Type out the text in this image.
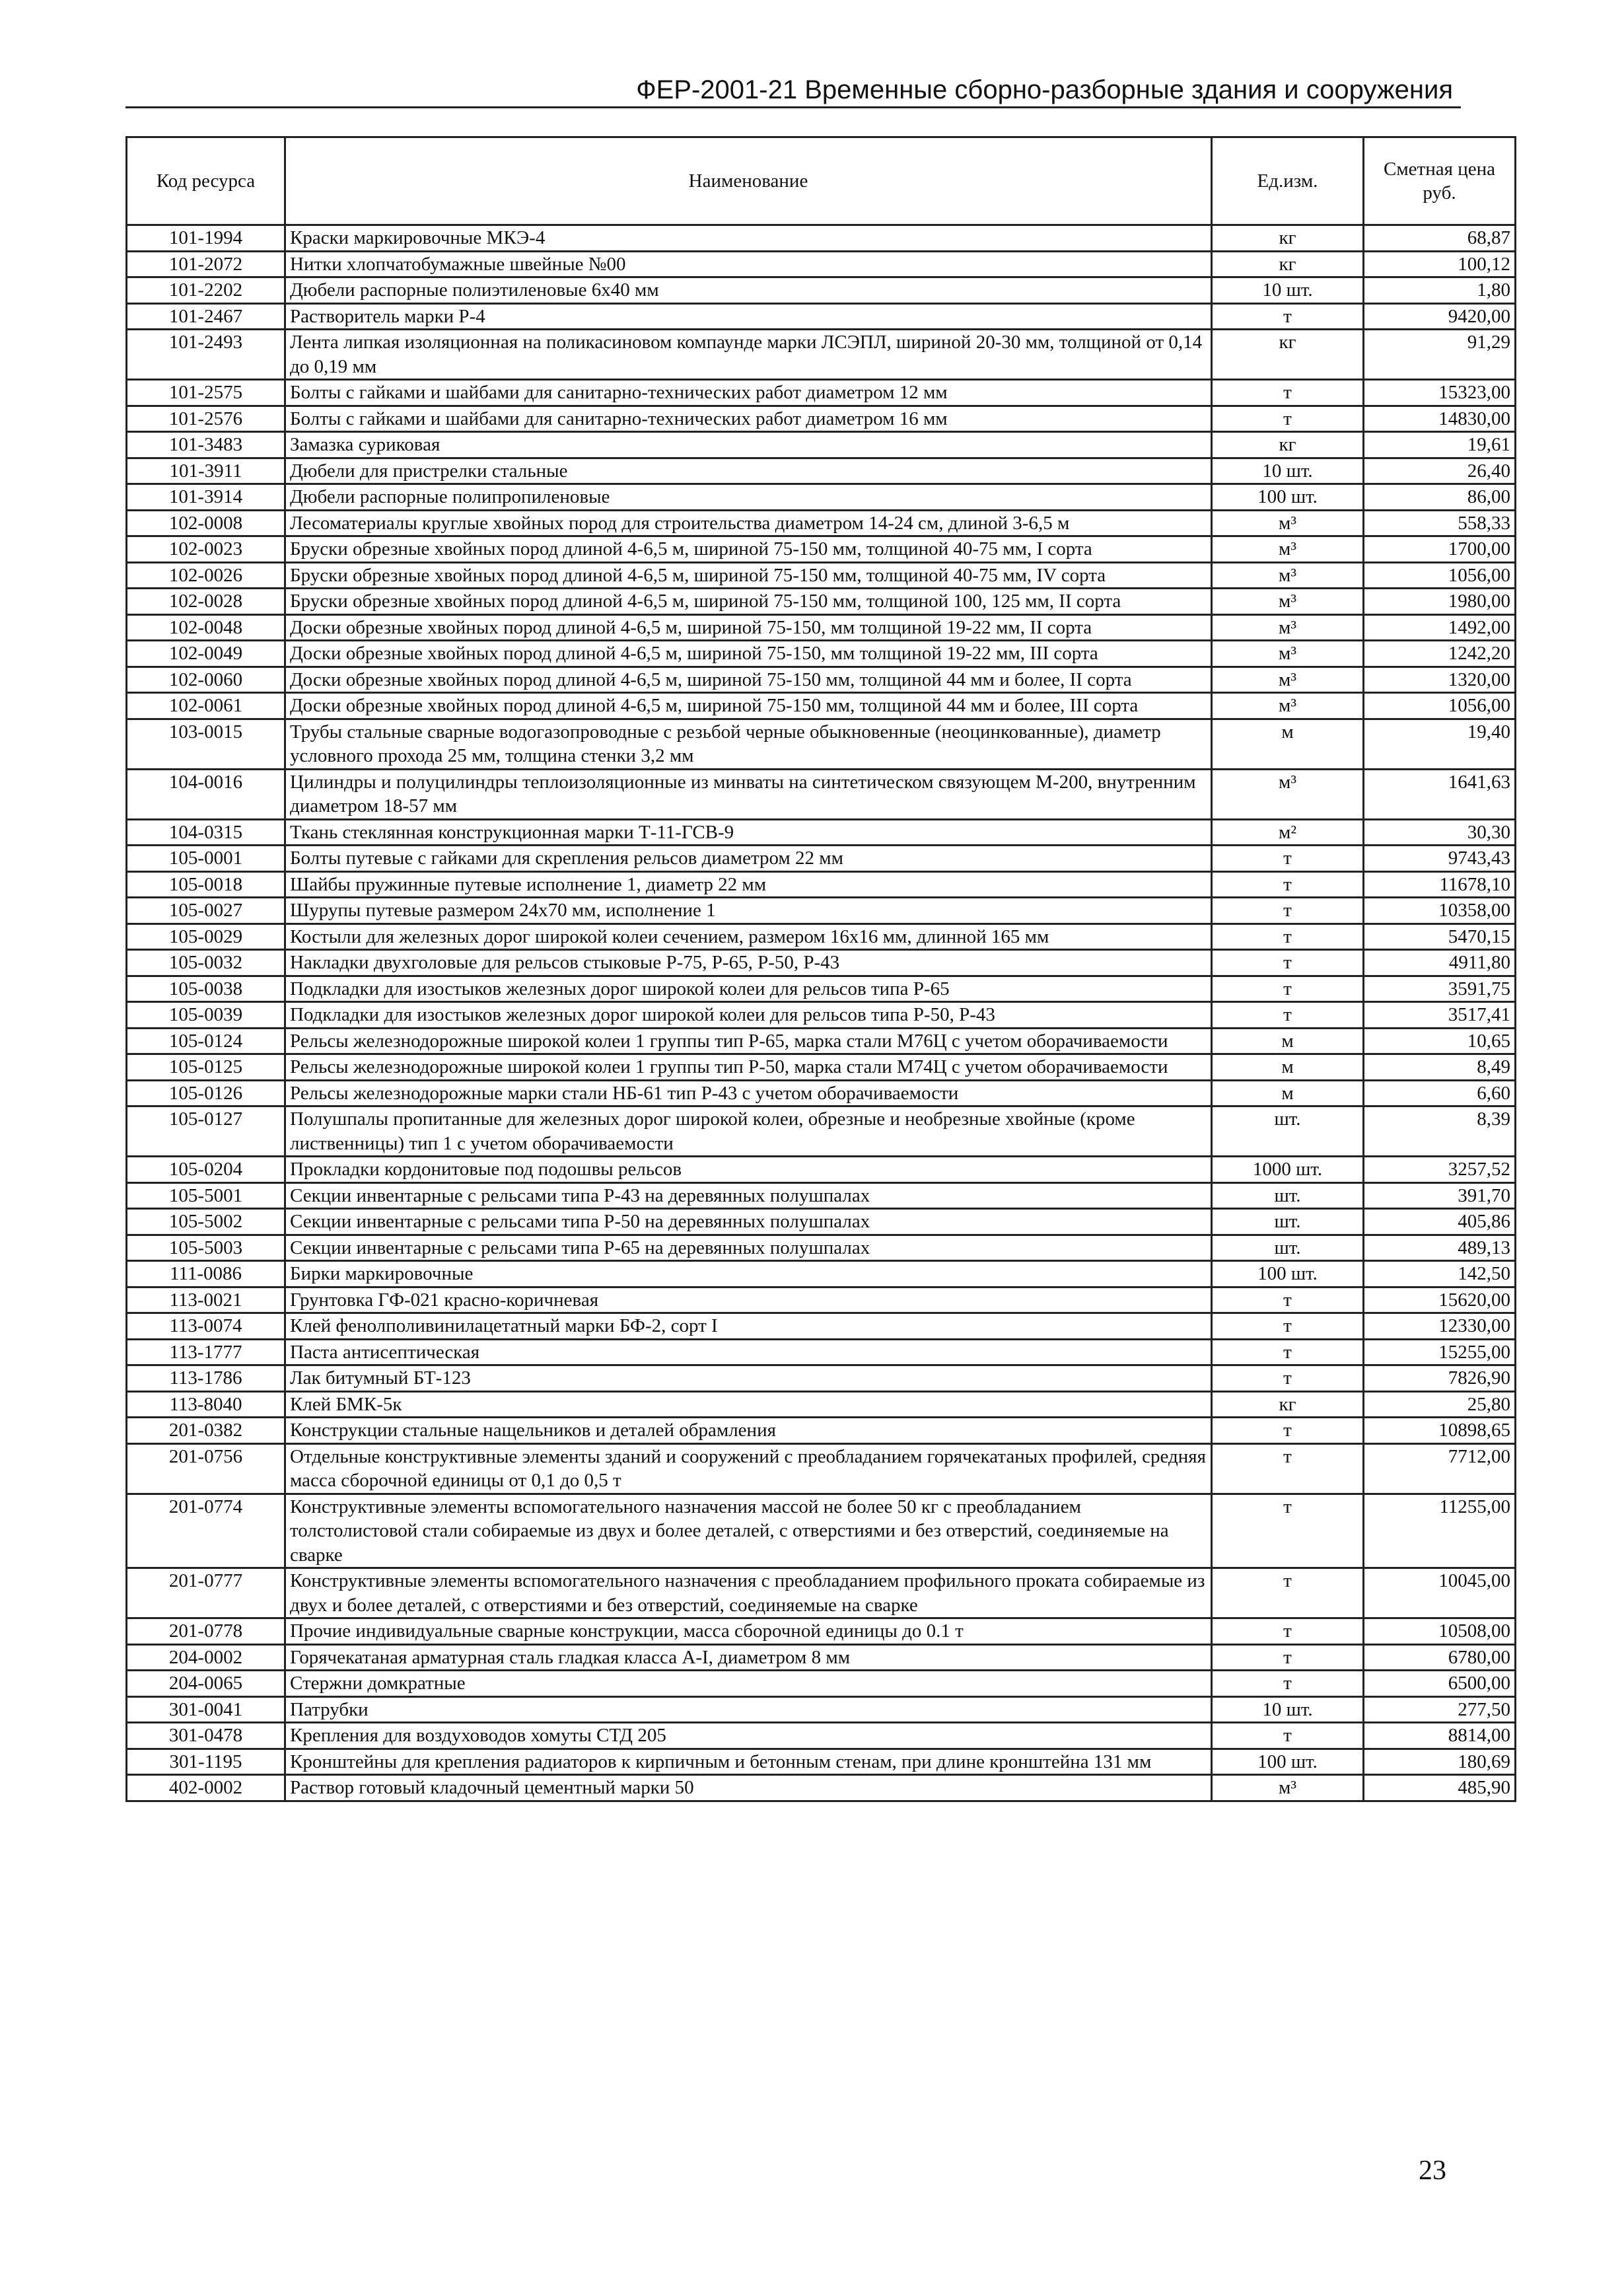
ФЕР-2001-21 Временные сборно-разборные здания и сооружения
Код ресурса	Наименование	Ед.изм.	Сметная цена руб.
101-1994	Краски маркировочные МКЭ-4	кг	68,87
101-2072	Нитки хлопчатобумажные швейные №00	кг	100,12
101-2202	Дюбели распорные полиэтиленовые 6х40 мм	10 шт.	1,80
101-2467	Растворитель марки Р-4	т	9420,00
101-2493	Лента липкая изоляционная на поликасиновом компаунде марки ЛСЭПЛ, шириной 20-30 мм, толщиной от 0,14 до 0,19 мм	кг	91,29
101-2575	Болты с гайками и шайбами для санитарно-технических работ диаметром 12 мм	т	15323,00
101-2576	Болты с гайками и шайбами для санитарно-технических работ диаметром 16 мм	т	14830,00
101-3483	Замазка суриковая	кг	19,61
101-3911	Дюбели для пристрелки стальные	10 шт.	26,40
101-3914	Дюбели распорные полипропиленовые	100 шт.	86,00
102-0008	Лесоматериалы круглые хвойных пород для строительства диаметром 14-24 см, длиной 3-6,5 м	м³	558,33
102-0023	Бруски обрезные хвойных пород длиной 4-6,5 м, шириной 75-150 мм, толщиной 40-75 мм, I сорта	м³	1700,00
102-0026	Бруски обрезные хвойных пород длиной 4-6,5 м, шириной 75-150 мм, толщиной 40-75 мм, IV сорта	м³	1056,00
102-0028	Бруски обрезные хвойных пород длиной 4-6,5 м, шириной 75-150 мм, толщиной 100, 125 мм, II сорта	м³	1980,00
102-0048	Доски обрезные хвойных пород длиной 4-6,5 м, шириной 75-150, мм толщиной 19-22 мм, II сорта	м³	1492,00
102-0049	Доски обрезные хвойных пород длиной 4-6,5 м, шириной 75-150, мм толщиной 19-22 мм, III сорта	м³	1242,20
102-0060	Доски обрезные хвойных пород длиной 4-6,5 м, шириной 75-150 мм, толщиной 44 мм и более, II сорта	м³	1320,00
102-0061	Доски обрезные хвойных пород длиной 4-6,5 м, шириной 75-150 мм, толщиной 44 мм и более, III сорта	м³	1056,00
103-0015	Трубы стальные сварные водогазопроводные с резьбой черные обыкновенные (неоцинкованные), диаметр условного прохода 25 мм, толщина стенки 3,2 мм	м	19,40
104-0016	Цилиндры и полуцилиндры теплоизоляционные из минваты на синтетическом связующем М-200, внутренним диаметром 18-57 мм	м³	1641,63
104-0315	Ткань стеклянная конструкционная марки Т-11-ГСВ-9	м²	30,30
105-0001	Болты путевые с гайками для скрепления рельсов диаметром 22 мм	т	9743,43
105-0018	Шайбы пружинные путевые исполнение 1, диаметр 22 мм	т	11678,10
105-0027	Шурупы путевые размером 24х70 мм, исполнение 1	т	10358,00
105-0029	Костыли для железных дорог широкой колеи сечением, размером 16х16 мм, длинной 165 мм	т	5470,15
105-0032	Накладки двухголовые для рельсов стыковые Р-75, Р-65, Р-50, Р-43	т	4911,80
105-0038	Подкладки для изостыков железных дорог широкой колеи для рельсов типа Р-65	т	3591,75
105-0039	Подкладки для изостыков железных дорог широкой колеи для рельсов типа Р-50, Р-43	т	3517,41
105-0124	Рельсы железнодорожные широкой колеи 1 группы тип Р-65, марка стали М76Ц с учетом оборачиваемости	м	10,65
105-0125	Рельсы железнодорожные широкой колеи 1 группы тип Р-50, марка стали М74Ц с учетом оборачиваемости	м	8,49
105-0126	Рельсы железнодорожные марки стали НБ-61 тип Р-43 с учетом оборачиваемости	м	6,60
105-0127	Полушпалы пропитанные для железных дорог широкой колеи, обрезные и необрезные хвойные (кроме лиственницы) тип 1 с учетом оборачиваемости	шт.	8,39
105-0204	Прокладки кордонитовые под подошвы рельсов	1000 шт.	3257,52
105-5001	Секции инвентарные с рельсами типа Р-43 на деревянных полушпалах	шт.	391,70
105-5002	Секции инвентарные с рельсами типа Р-50 на деревянных полушпалах	шт.	405,86
105-5003	Секции инвентарные с рельсами типа Р-65 на деревянных полушпалах	шт.	489,13
111-0086	Бирки маркировочные	100 шт.	142,50
113-0021	Грунтовка ГФ-021 красно-коричневая	т	15620,00
113-0074	Клей фенолполивинилацетатный марки БФ-2, сорт I	т	12330,00
113-1777	Паста антисептическая	т	15255,00
113-1786	Лак битумный БТ-123	т	7826,90
113-8040	Клей БМК-5к	кг	25,80
201-0382	Конструкции стальные нащельников и деталей обрамления	т	10898,65
201-0756	Отдельные конструктивные элементы зданий и сооружений с преобладанием горячекатаных профилей, средняя масса сборочной единицы от 0,1 до 0,5 т	т	7712,00
201-0774	Конструктивные элементы вспомогательного назначения массой не более 50 кг с преобладанием толстолистовой стали собираемые из двух и более деталей, с отверстиями и без отверстий, соединяемые на сварке	т	11255,00
201-0777	Конструктивные элементы вспомогательного назначения с преобладанием профильного проката собираемые из двух и более деталей, с отверстиями и без отверстий, соединяемые на сварке	т	10045,00
201-0778	Прочие индивидуальные сварные конструкции, масса сборочной единицы до 0.1 т	т	10508,00
204-0002	Горячекатаная арматурная сталь гладкая класса А-I, диаметром 8 мм	т	6780,00
204-0065	Стержни домкратные	т	6500,00
301-0041	Патрубки	10 шт.	277,50
301-0478	Крепления для воздуховодов хомуты СТД 205	т	8814,00
301-1195	Кронштейны для крепления радиаторов к кирпичным и бетонным стенам, при длине кронштейна 131 мм	100 шт.	180,69
402-0002	Раствор готовый кладочный цементный марки 50	м³	485,90
23
